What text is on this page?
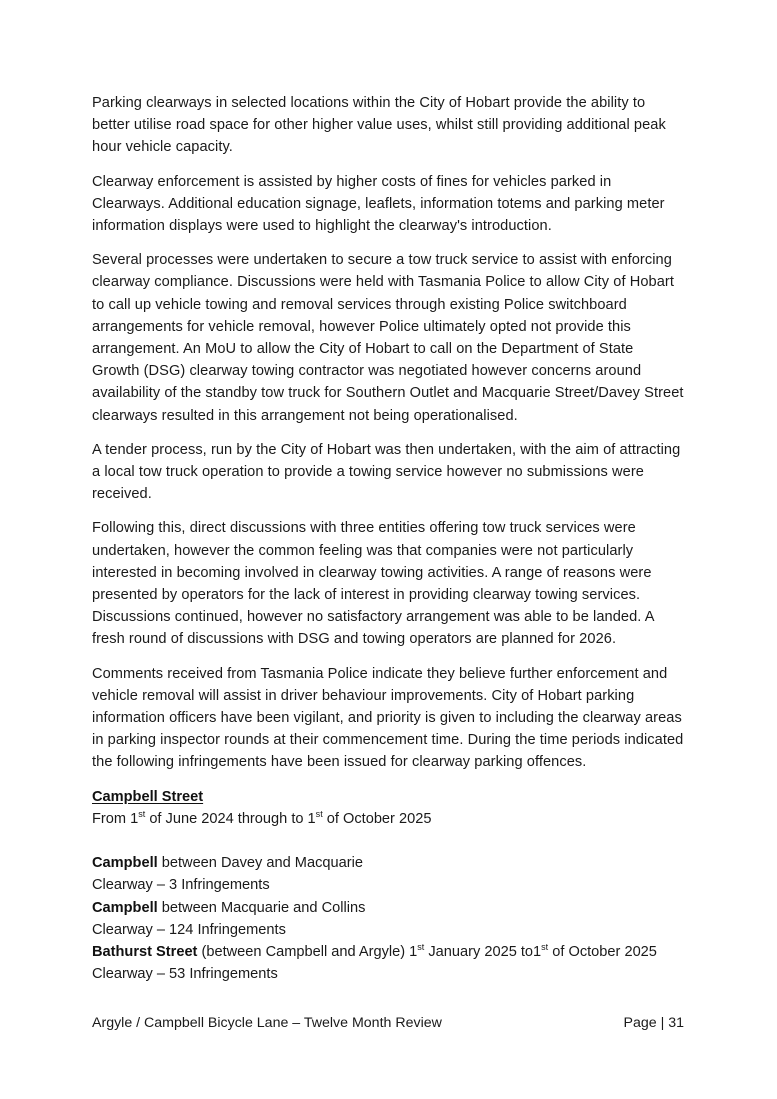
Parking clearways in selected locations within the City of Hobart provide the ability to better utilise road space for other higher value uses, whilst still providing additional peak hour vehicle capacity.

Clearway enforcement is assisted by higher costs of fines for vehicles parked in Clearways. Additional education signage, leaflets, information totems and parking meter information displays were used to highlight the clearway's introduction.

Several processes were undertaken to secure a tow truck service to assist with enforcing clearway compliance. Discussions were held with Tasmania Police to allow City of Hobart to call up vehicle towing and removal services through existing Police switchboard arrangements for vehicle removal, however Police ultimately opted not provide this arrangement. An MoU to allow the City of Hobart to call on the Department of State Growth (DSG) clearway towing contractor was negotiated however concerns around availability of the standby tow truck for Southern Outlet and Macquarie Street/Davey Street clearways resulted in this arrangement not being operationalised.

A tender process, run by the City of Hobart was then undertaken, with the aim of attracting a local tow truck operation to provide a towing service however no submissions were received.

Following this, direct discussions with three entities offering tow truck services were undertaken, however the common feeling was that companies were not particularly interested in becoming involved in clearway towing activities. A range of reasons were presented by operators for the lack of interest in providing clearway towing services. Discussions continued, however no satisfactory arrangement was able to be landed. A fresh round of discussions with DSG and towing operators are planned for 2026.

Comments received from Tasmania Police indicate they believe further enforcement and vehicle removal will assist in driver behaviour improvements. City of Hobart parking information officers have been vigilant, and priority is given to including the clearway areas in parking inspector rounds at their commencement time. During the time periods indicated the following infringements have been issued for clearway parking offences.

Campbell Street
From 1st of June 2024 through to 1st of October 2025

Campbell between Davey and Macquarie
Clearway – 3 Infringements
Campbell between Macquarie and Collins
Clearway – 124 Infringements
Bathurst Street (between Campbell and Argyle) 1st January 2025 to1st of October 2025
Clearway – 53 Infringements
Argyle / Campbell Bicycle Lane – Twelve Month Review	Page | 31
